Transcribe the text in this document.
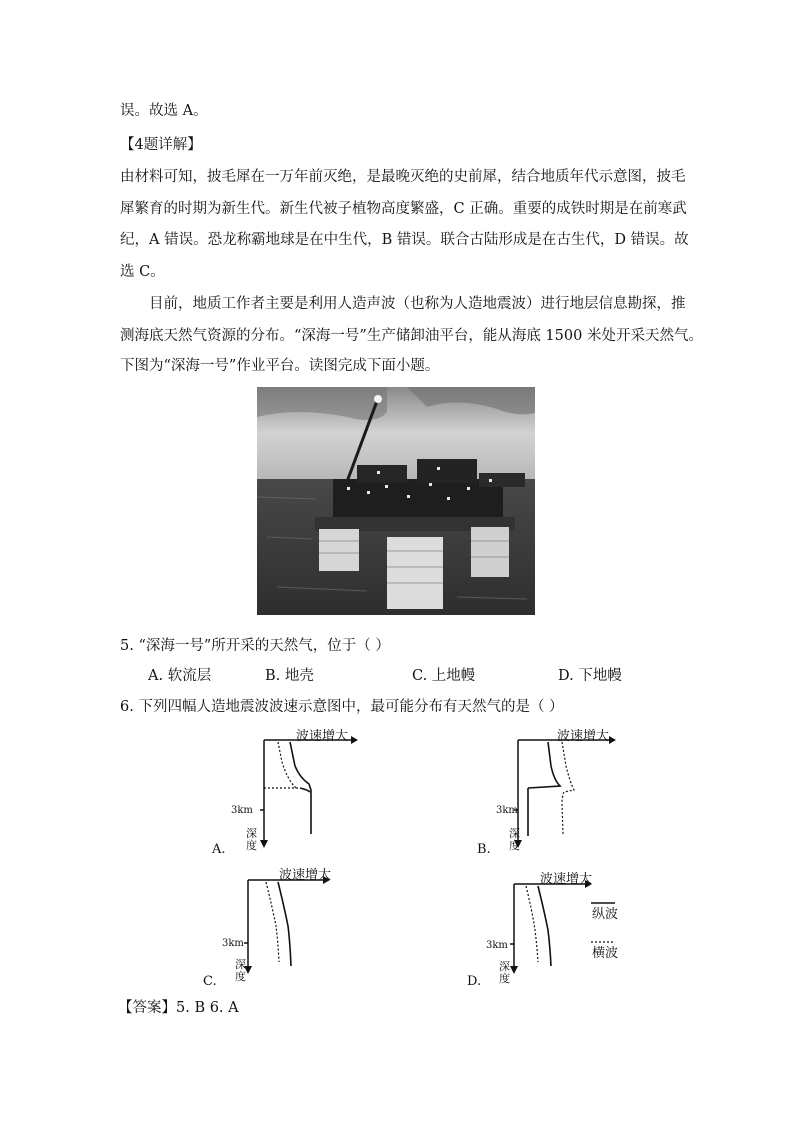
误。故选 A。
【4题详解】
由材料可知，披毛犀在一万年前灭绝，是最晚灭绝的史前犀，结合地质年代示意图，披毛
犀繁育的时期为新生代。新生代被子植物高度繁盛，C 正确。重要的成铁时期是在前寒武
纪，A 错误。恐龙称霸地球是在中生代，B 错误。联合古陆形成是在古生代，D 错误。故
选 C。
目前，地质工作者主要是利用人造声波（也称为人造地震波）进行地层信息勘探，推
测海底天然气资源的分布。“深海一号”生产储卸油平台，能从海底 1500 米处开采天然气。
下图为“深海一号”作业平台。读图完成下面小题。
5. “深海一号”所开采的天然气，位于（ ）
A. 软流层	B. 地壳	C. 上地幔	D. 下地幔
6. 下列四幅人造地震波波速示意图中，最可能分布有天然气的是（ ）
波速增大
3km
深度
A.
波速增大
3km
深度
B.
波速增大
3km
深度
C.
波速增大
3km
深度
D.
纵波
横波
【答案】5. B 6. A
